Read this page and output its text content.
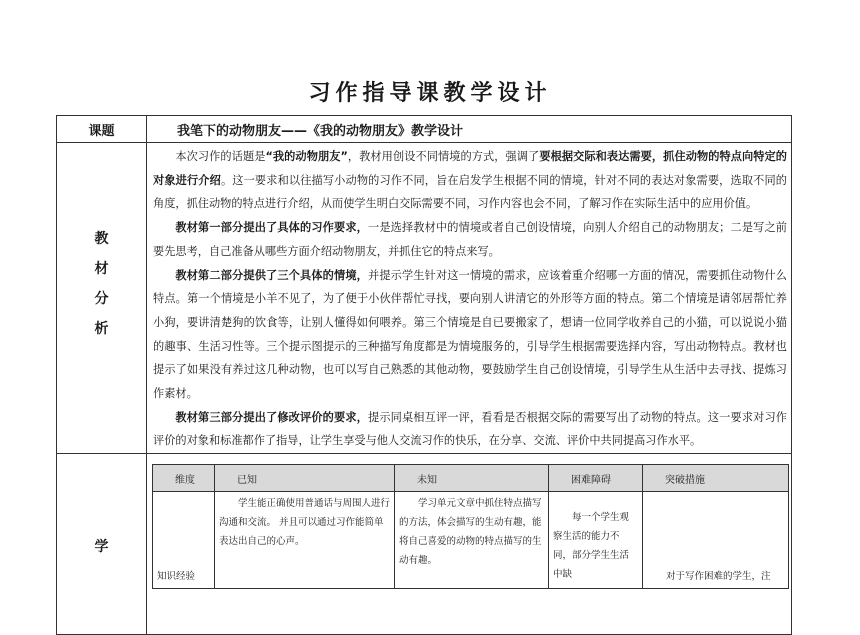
习作指导课教学设计
课题	我笔下的动物朋友——《我的动物朋友》教学设计

教
材
分
析

本次习作的话题是“我的动物朋友”，教材用创设不同情境的方式，强调了要根据交际和表达需要，抓住动物的特点向特定的对象进行介绍。这一要求和以往描写小动物的习作不同，旨在启发学生根据不同的情境，针对不同的表达对象需要，选取不同的角度，抓住动物的特点进行介绍，从而使学生明白交际需要不同，习作内容也会不同，了解习作在实际生活中的应用价值。

教材第一部分提出了具体的习作要求，一是选择教材中的情境或者自己创设情境，向别人介绍自己的动物朋友；二是写之前要先思考，自己准备从哪些方面介绍动物朋友，并抓住它的特点来写。

教材第二部分提供了三个具体的情境，并提示学生针对这一情境的需求，应该着重介绍哪一方面的情况，需要抓住动物什么特点。第一个情境是小羊不见了，为了便于小伙伴帮忙寻找，要向别人讲清它的外形等方面的特点。第二个情境是请邻居帮忙养小狗，要讲清楚狗的饮食等，让别人懂得如何喂养。第三个情境是自已要搬家了，想请一位同学收养自己的小猫，可以说说小猫的趣事、生活习性等。三个提示图提示的三种描写角度都是为情境服务的，引导学生根据需要选择内容，写出动物特点。教材也提示了如果没有养过这几种动物，也可以写自己熟悉的其他动物，要鼓励学生自己创设情境，引导学生从生活中去寻找、提炼习作素材。

教材第三部分提出了修改评价的要求，提示同桌相互评一评，看看是否根据交际的需要写出了动物的特点。这一要求对习作评价的对象和标准都作了指导，让学生享受与他人交流习作的快乐，在分享、交流、评价中共同提高习作水平。

学

维度	已知	未知	困难障碍	突破措施
知识经验	学生能正确使用普通话与周围人进行沟通和交流。 并且可以通过习作能简单表达出自己的心声。	学习单元文章中抓住特点描写的方法，体会描写的生动有趣，能将自己喜爱的动物的特点描写的生动有趣。	每一个学生观察生活的能力不同，部分学生生活中缺	对于写作困难的学生，注
